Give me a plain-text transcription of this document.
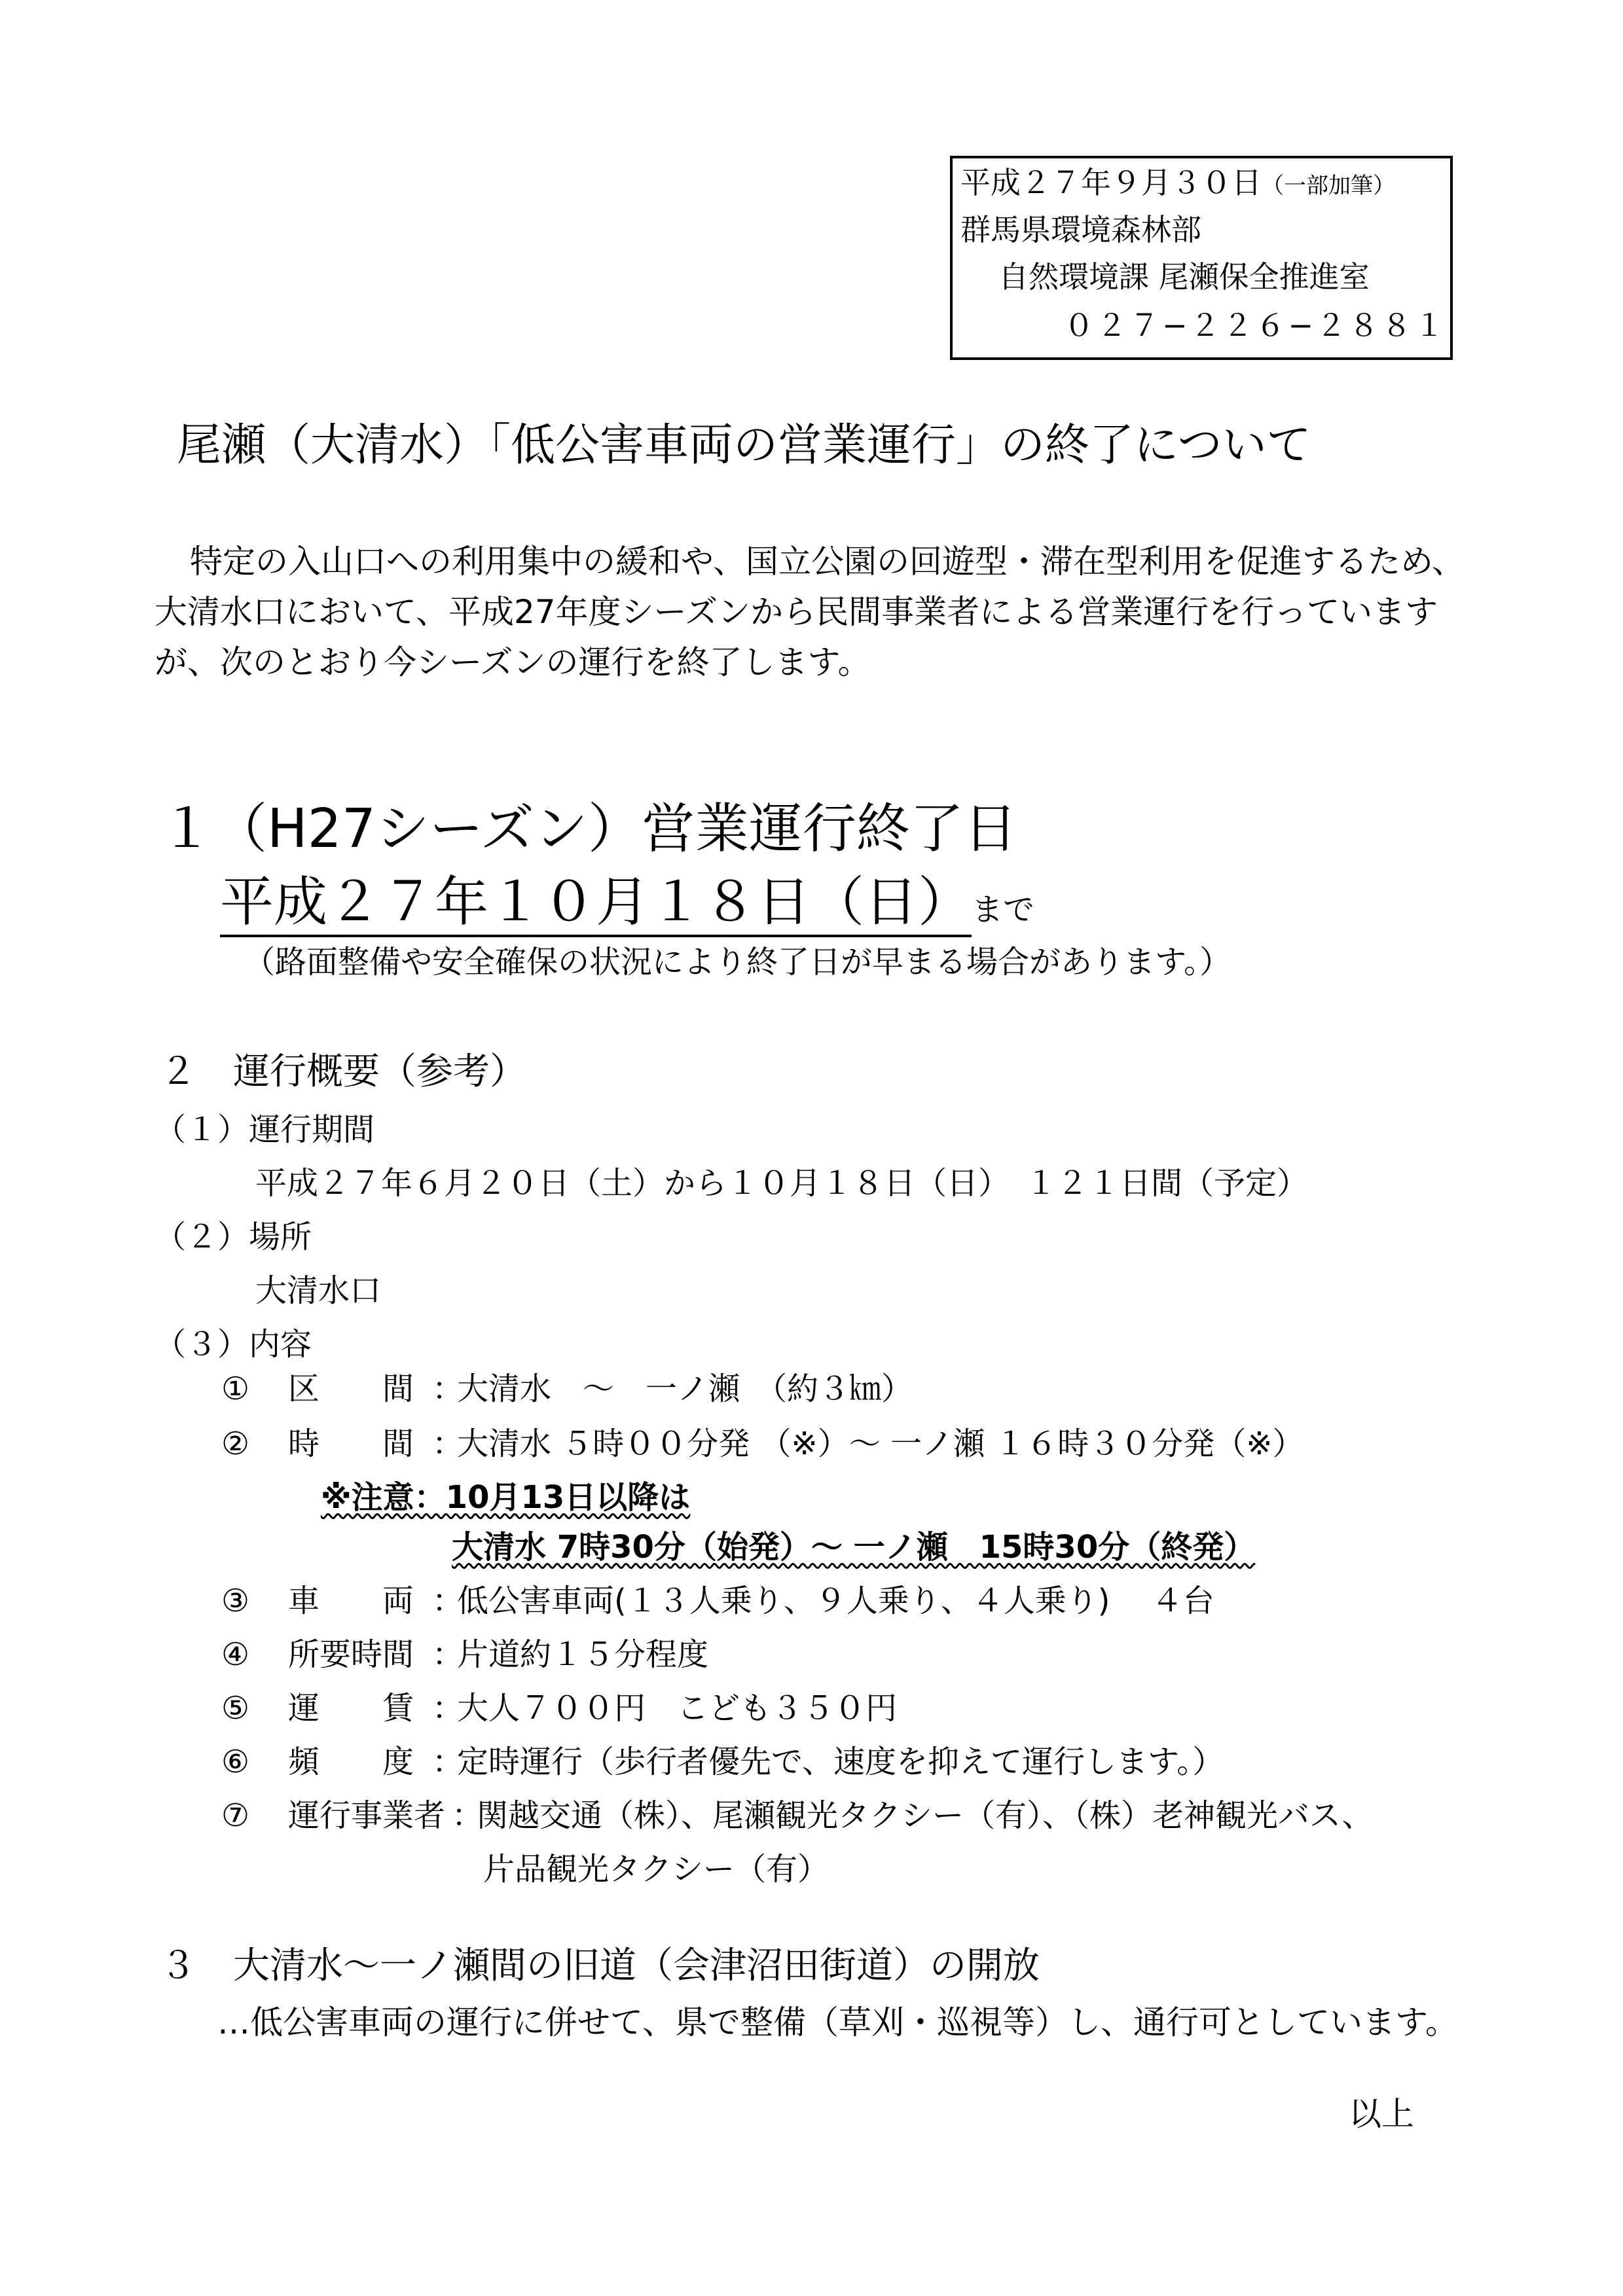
平成２７年９月３０日（一部加筆）
群馬県環境森林部
自然環境課 尾瀬保全推進室
０２７−２２６−２８８１
尾瀬（大清水）「低公害車両の営業運行」の終了について
特定の入山口への利用集中の緩和や、国立公園の回遊型・滞在型利用を促進するため、
大清水口において、平成27年度シーズンから民間事業者による営業運行を行っています
が、次のとおり今シーズンの運行を終了します。
１（H27シーズン）営業運行終了日
平成２７年１０月１８日（日）まで
（路面整備や安全確保の状況により終了日が早まる場合があります。）
２　運行概要（参考）
（１）運行期間
平成２７年６月２０日（土）から１０月１８日（日）　１２１日間（予定）
（２）場所
大清水口
（３）内容
① 区　　間 ：
大清水　～　一ノ瀬　（約３㎞）
② 時　　間 ：
大清水 ５時００分発 （※）～ 一ノ瀬 １６時３０分発（※）
※注意：10月13日以降は
大清水 7時30分（始発）～ 一ノ瀬　15時30分（終発）
③ 車　　両 ：
低公害車両(１３人乗り、９人乗り、４人乗り)　 ４台
④ 所要時間 ：
片道約１５分程度
⑤ 運　　賃 ：
大人７００円　こども３５０円
⑥ 頻　　度 ：
定時運行（歩行者優先で、速度を抑えて運行します。）
⑦ 運行事業者 ：
関越交通（株）、尾瀬観光タクシー（有）、（株）老神観光バス、
片品観光タクシー（有）
３　大清水～一ノ瀬間の旧道（会津沼田街道）の開放
…低公害車両の運行に併せて、県で整備（草刈・巡視等）し、通行可としています。
以上
